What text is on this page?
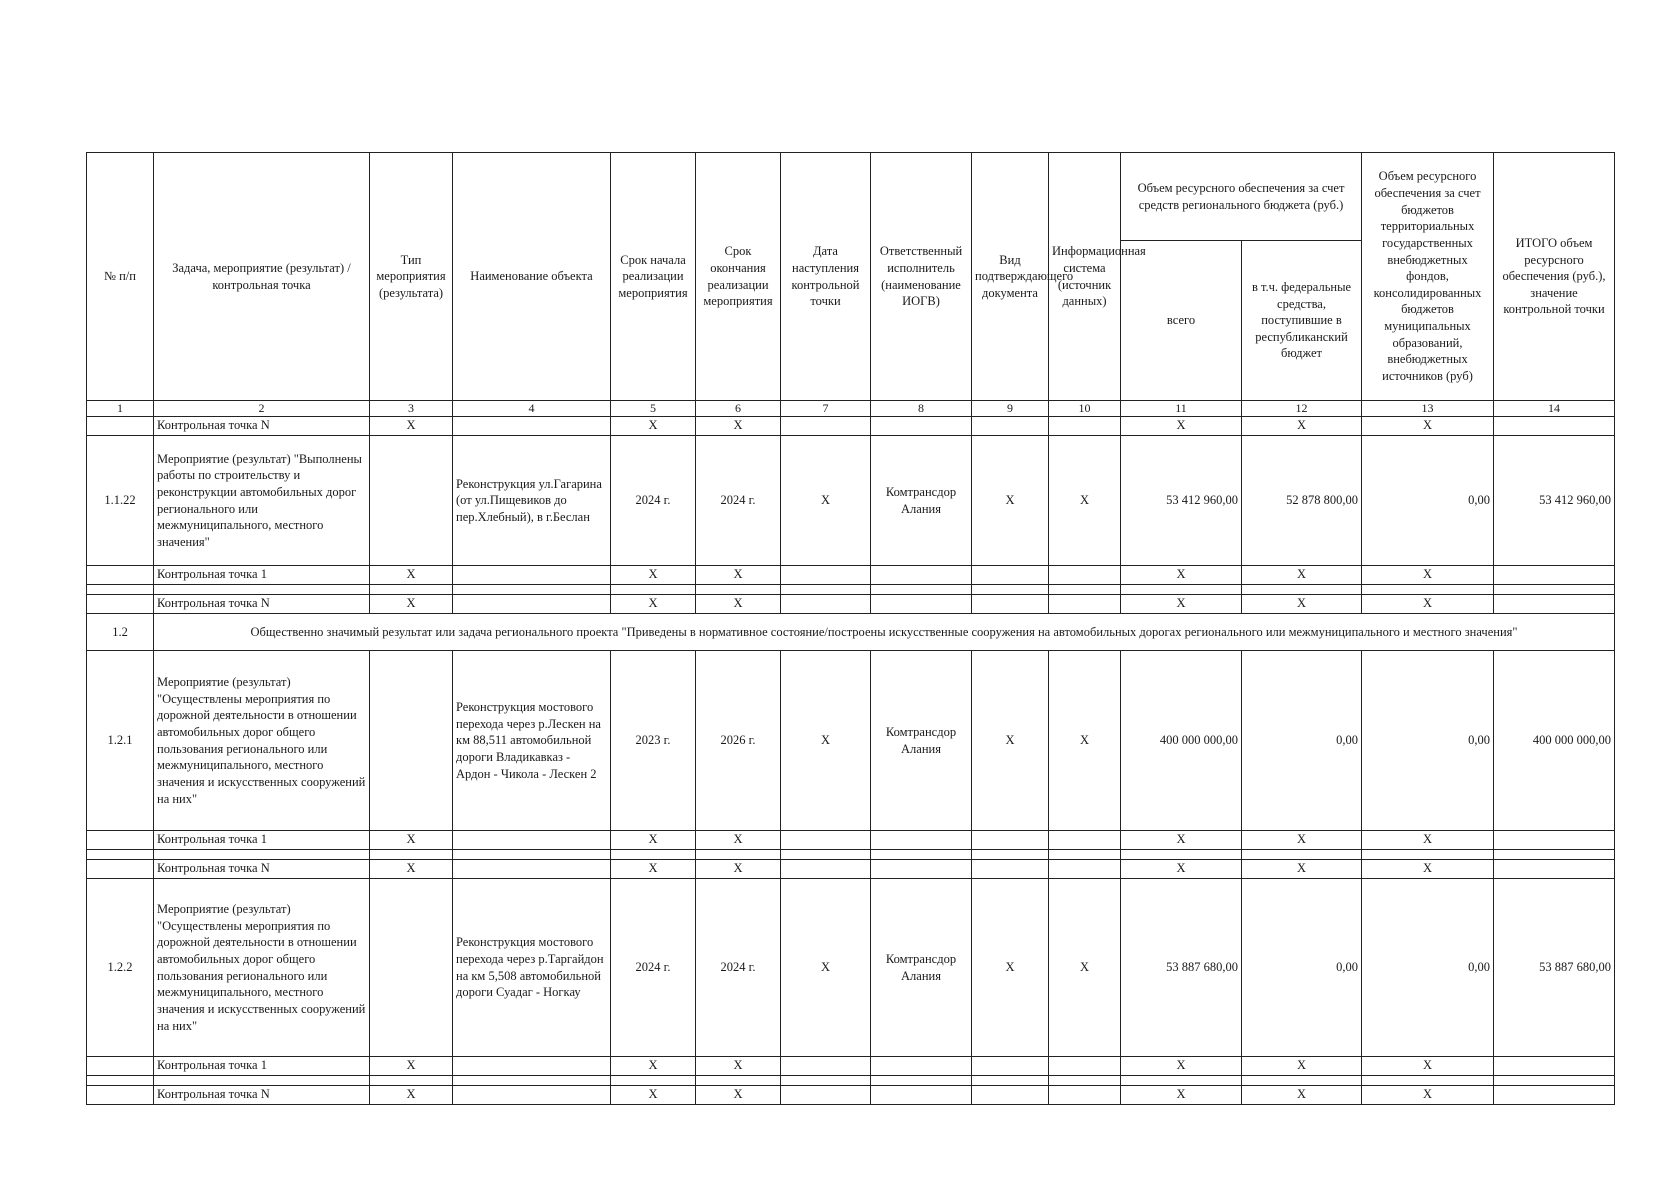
№ п/п	Задача, мероприятие (результат) / контрольная точка	Тип мероприятия (результата)	Наименование объекта	Срок начала реализации мероприятия	Срок окончания реализации мероприятия	Дата наступления контрольной точки	Ответственный исполнитель (наименование ИОГВ)	Вид подтверждающего документа	Информационная система (источник данных)	Объем ресурсного обеспечения за счет средств регионального бюджета (руб.)		Объем ресурсного обеспечения за счет бюджетов территориальных государственных внебюджетных фондов, консолидированных бюджетов муниципальных образований, внебюджетных источников (руб)	ИТОГО объем ресурсного обеспечения (руб.), значение контрольной точки
										всего	в т.ч. федеральные средства, поступившие в республиканский бюджет		
1	2	3	4	5	6	7	8	9	10	11	12	13	14
	Контрольная точка N	X		X	X					X	X	X	
1.1.22	Мероприятие (результат) "Выполнены работы по строительству и реконструкции автомобильных дорог регионального или межмуниципального, местного значения"		Реконструкция ул.Гагарина (от ул.Пищевиков до пер.Хлебный), в г.Беслан	2024 г.	2024 г.	X	Комтрансдор Алания	X	X	53 412 960,00	52 878 800,00	0,00	53 412 960,00
	Контрольная точка 1	X		X	X					X	X	X	

	Контрольная точка N	X		X	X					X	X	X	
1.2	Общественно значимый результат или задача регионального проекта "Приведены в нормативное состояние/построены искусственные сооружения на автомобильных дорогах регионального или межмуниципального и местного значения"												
1.2.1	Мероприятие (результат) "Осуществлены мероприятия по дорожной деятельности в отношении автомобильных дорог общего пользования регионального или межмуниципального, местного значения и искусственных сооружений на них"		Реконструкция мостового перехода через р.Лескен на км 88,511 автомобильной дороги Владикавказ - Ардон - Чикола - Лескен 2	2023 г.	2026 г.	X	Комтрансдор Алания	X	X	400 000 000,00	0,00	0,00	400 000 000,00
	Контрольная точка 1	X		X	X					X	X	X	

	Контрольная точка N	X		X	X					X	X	X	
1.2.2	Мероприятие (результат) "Осуществлены мероприятия по дорожной деятельности в отношении автомобильных дорог общего пользования регионального или межмуниципального, местного значения и искусственных сооружений на них"		Реконструкция мостового перехода через р.Таргайдон на км 5,508 автомобильной дороги Суадаг - Ногкау	2024 г.	2024 г.	X	Комтрансдор Алания	X	X	53 887 680,00	0,00	0,00	53 887 680,00
	Контрольная точка 1	X		X	X					X	X	X	

	Контрольная точка N	X		X	X					X	X	X	
